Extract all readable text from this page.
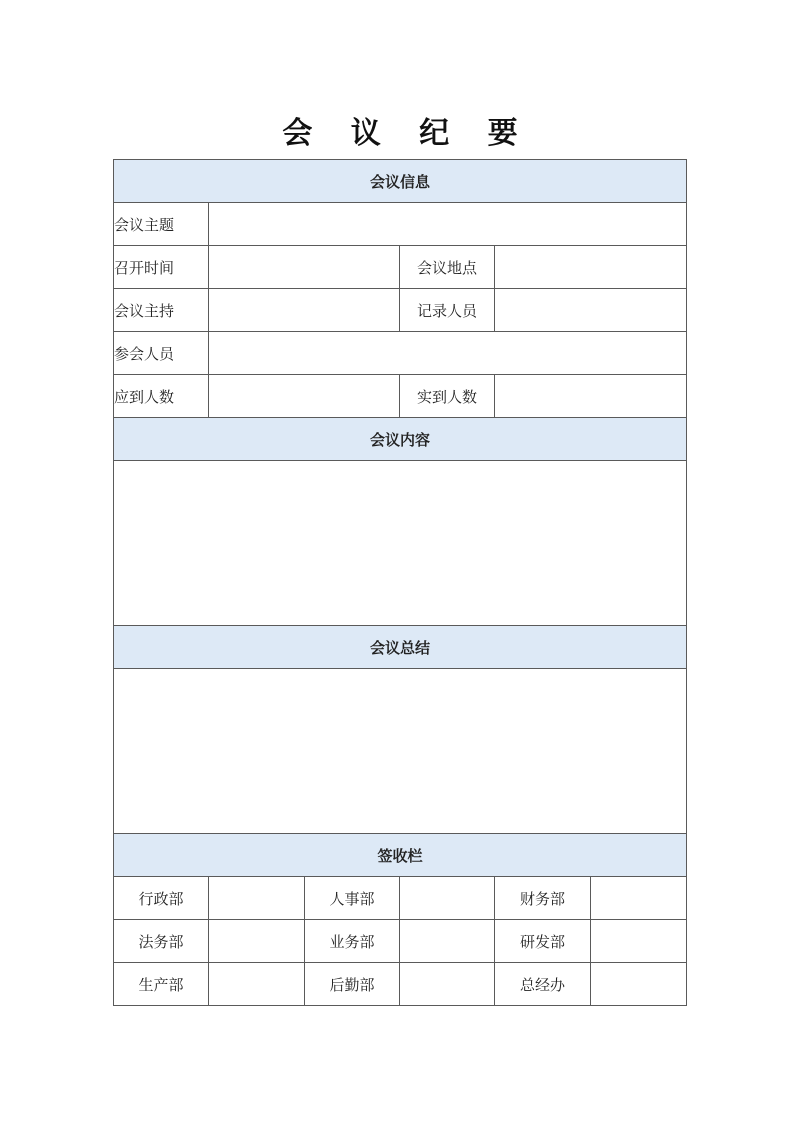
会 议 纪 要
会议信息					
会议主题					
召开时间			会议地点		
会议主持			记录人员		
参会人员					
应到人数			实到人数		
会议内容					

会议总结					

签收栏					
行政部		人事部		财务部	
法务部		业务部		研发部	
生产部		后勤部		总经办	
